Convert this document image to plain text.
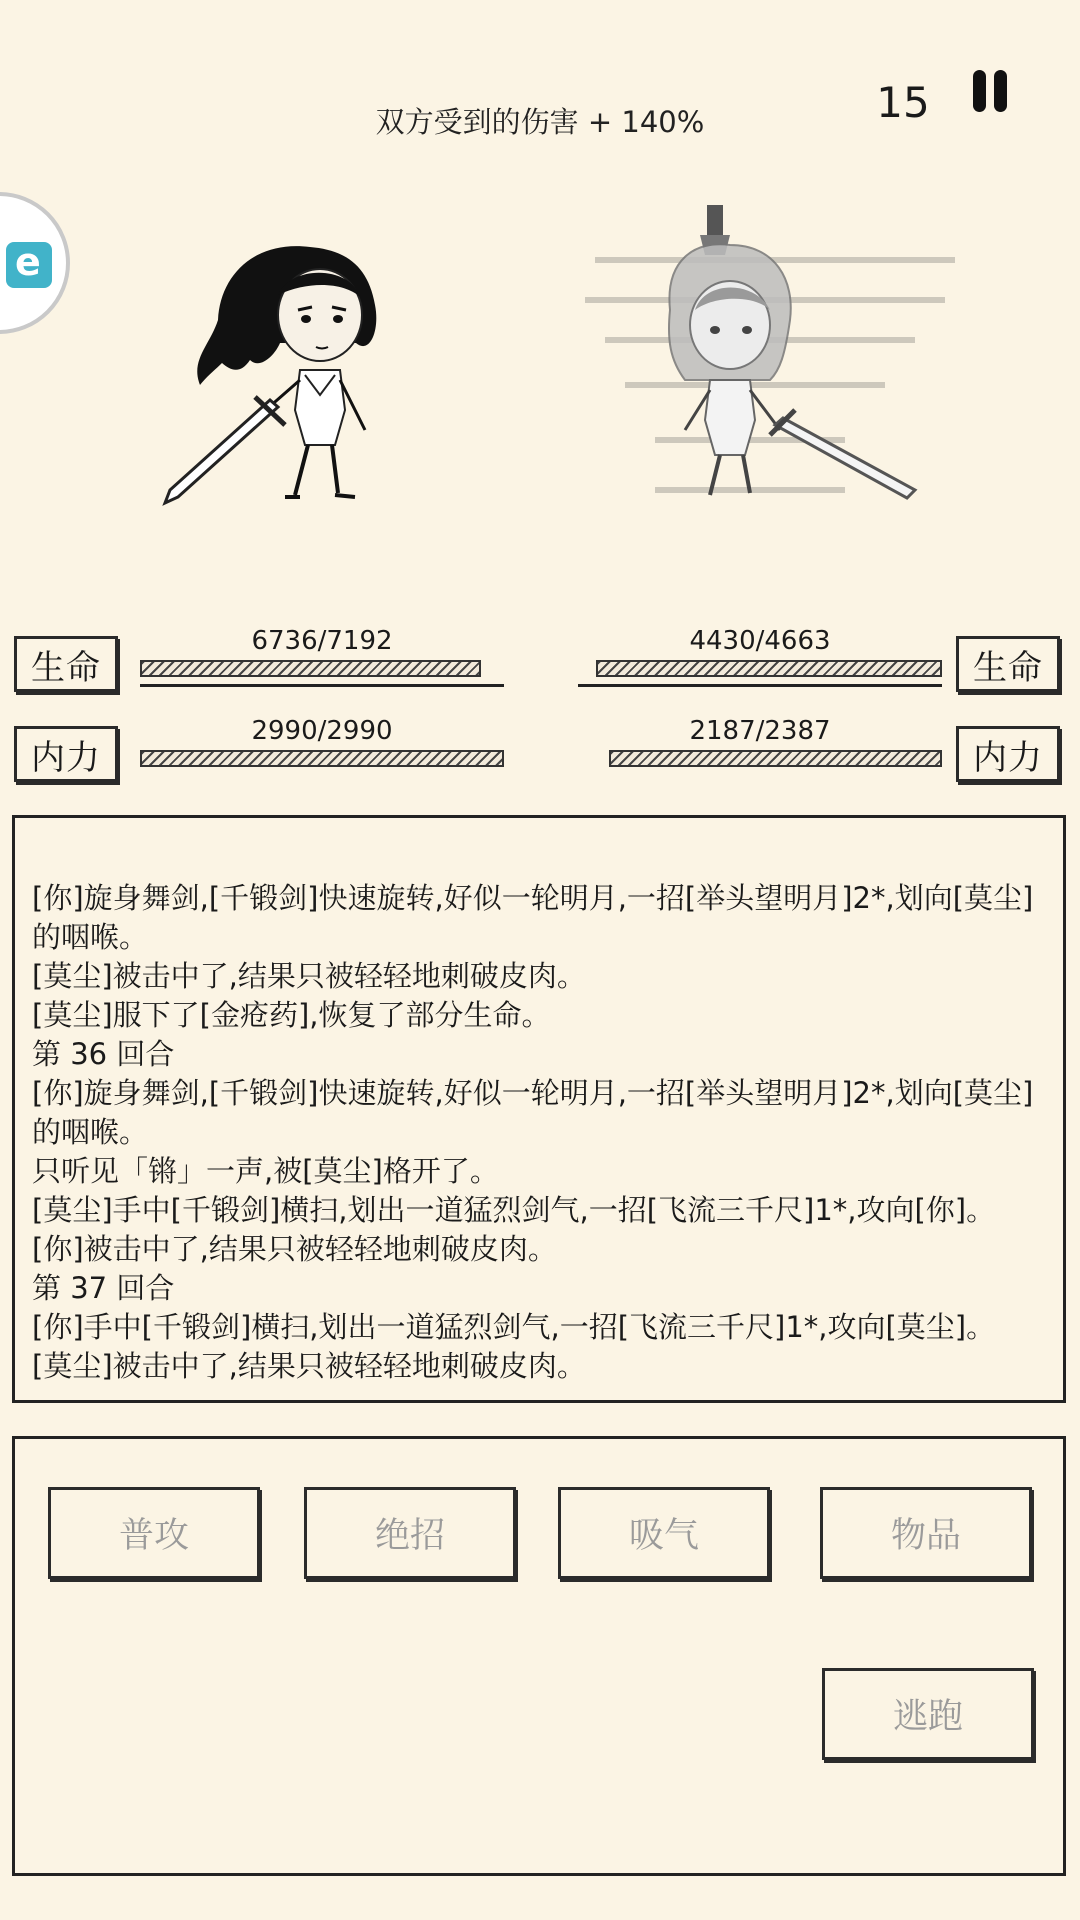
双方受到的伤害 + 140%	15
e
生命
6736/7192
内力
2990/2990
生命
4430/4663
内力
2187/2387
[你]旋身舞剑,[千锻剑]快速旋转,好似一轮明月,一招[举头望明月]2*,划向[莫尘]的咽喉。
[莫尘]被击中了,结果只被轻轻地刺破皮肉。
[莫尘]服下了[金疮药],恢复了部分生命。
第 36 回合
[你]旋身舞剑,[千锻剑]快速旋转,好似一轮明月,一招[举头望明月]2*,划向[莫尘]的咽喉。
只听见「锵」一声,被[莫尘]格开了。
[莫尘]手中[千锻剑]横扫,划出一道猛烈剑气,一招[飞流三千尺]1*,攻向[你]。
[你]被击中了,结果只被轻轻地刺破皮肉。
第 37 回合
[你]手中[千锻剑]横扫,划出一道猛烈剑气,一招[飞流三千尺]1*,攻向[莫尘]。
[莫尘]被击中了,结果只被轻轻地刺破皮肉。
普攻	绝招	吸气	物品
逃跑
